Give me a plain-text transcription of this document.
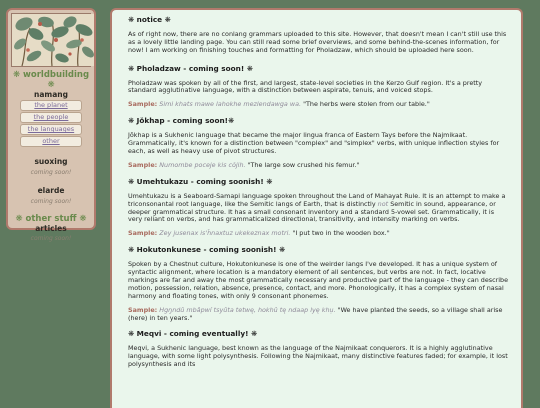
❋ worldbuilding ❋
namang
the planet
the people
the languages
other
suoxing
coming soon!
elarde
coming soon!
❋ other stuff ❋
articles
coming soon!
❋ notice ❋
As of right now, there are no conlang grammars uploaded to this site. However, that doesn't mean I can't still use this as a lovely little landing page. You can still read some brief overviews, and some behind-the-scenes information, for now! I am working on finishing touches and formatting for Pholadzaw, which should be uploaded here soon.
❋ Pholadzaw - coming soon! ❋
Pholadzaw was spoken by all of the first, and largest, state-level societies in the Kerzo Gulf region. It's a pretty standard agglutinative language, with a distinction between aspirate, tenuis, and voiced stops.
Sample: Simi khats mawe lahokhe mezlendawga wa. "The herbs were stolen from our table."
❋ Jŏkhap - coming soon!❋
Jŏkhap is a Sukhenic language that became the major lingua franca of Eastern Tays before the Najmikaat. Grammatically, it's known for a distinction between "complex" and "simplex" verbs, with unique inflection styles for each, as well as heavy use of pivot structures.
Sample: Numombe poceje kis cŏjih. "The large sow crushed his femur."
❋ Umehtukazu - coming soonish! ❋
Umehtukazu is a Seaboard-Samapi language spoken throughout the Land of Mahayat Rule. It is an attempt to make a triconsonantal root language, like the Semitic langs of Earth, that is distinctly not Semitic in sound, appearance, or deeper grammatical structure. It has a small consonant inventory and a standard 5-vowel set. Grammatically, it is very reliant on verbs, and has grammaticalized directional, transitivity, and intensity marking on verbs.
Sample: Zey jusenax is'ĥnaxtuz ukekeznax motri. "I put two in the wooden box."
❋ Hokutonkunese - coming soonish! ❋
Spoken by a Chestnut culture, Hokutonkunese is one of the weirder langs I've developed. It has a unique system of syntactic alignment, where location is a mandatory element of all sentences, but verbs are not. In fact, locative markings are far and away the most grammatically necessary and productive part of the language - they can describe motion, possession, relation, absence, presence, contact, and more. Phonologically, it has a complex system of nasal harmony and floating tones, with only 9 consonant phonemes.
Sample: Hgŋndû mbâpwí tsyûta tetwę, hokhû tę ndaap lyę khụ. "We have planted the seeds, so a village shall arise (here) in ten years."
❋ Meqvi - coming eventually! ❋
Meqvi, a Sukhenic language, best known as the language of the Najmikaat conquerors. It is a highly agglutinative language, with some light polysynthesis. Following the Najmikaat, many distinctive features faded; for example, it lost polysynthesis and its
